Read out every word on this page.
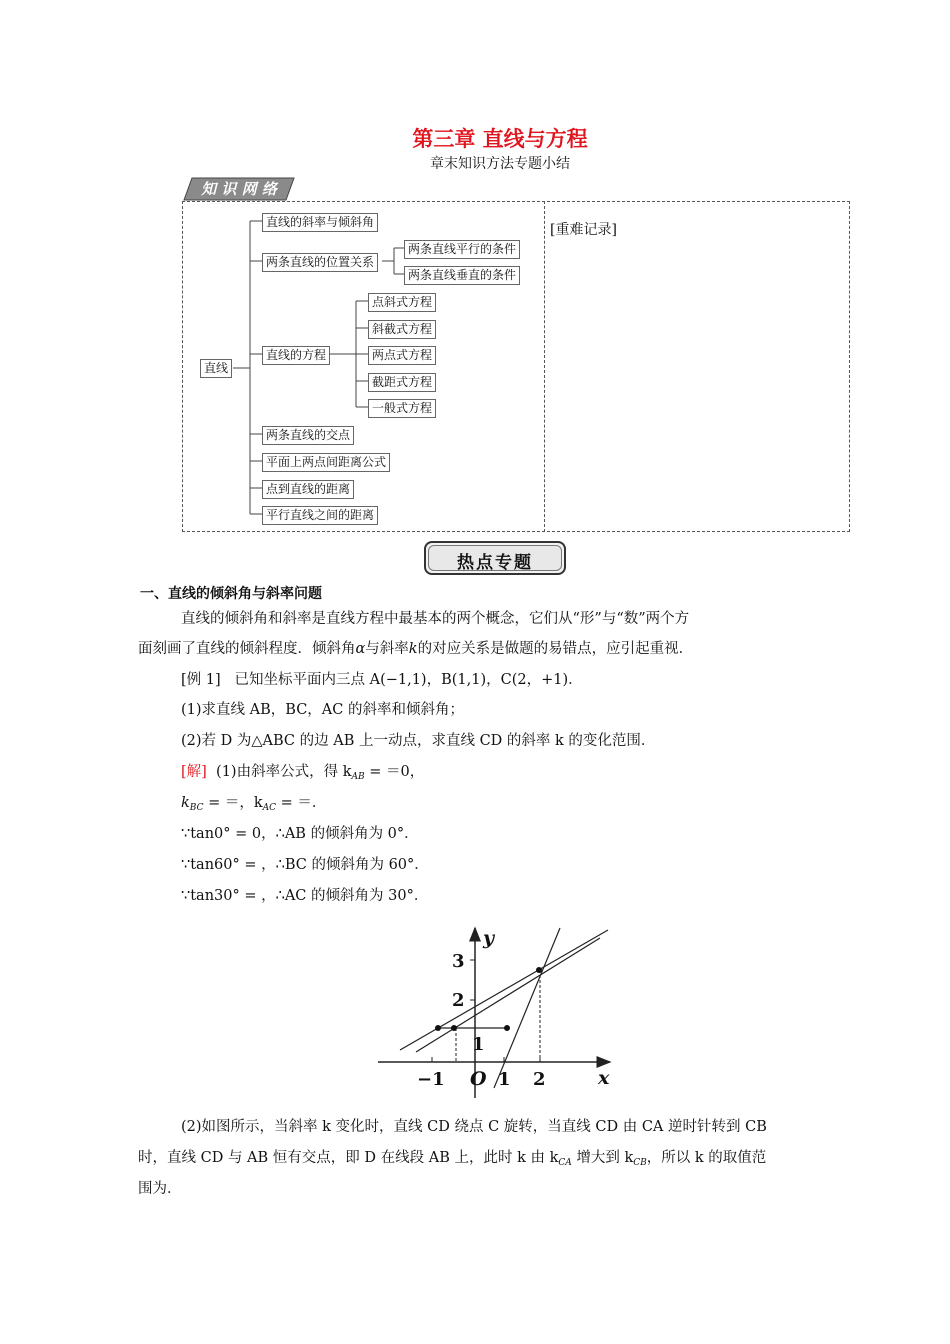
第三章 直线与方程
章末知识方法专题小结
知 识 网 络
[重难记录]
直线
直线的斜率与倾斜角
两条直线的位置关系
两条直线平行的条件
两条直线垂直的条件
直线的方程
点斜式方程
斜截式方程
两点式方程
截距式方程
一般式方程
两条直线的交点
平面上两点间距离公式
点到直线的距离
平行直线之间的距离
热点专题
一、直线的倾斜角与斜率问题
直线的倾斜角和斜率是直线方程中最基本的两个概念，它们从“形”与“数”两个方
面刻画了直线的倾斜程度．倾斜角α与斜率k的对应关系是做题的易错点，应引起重视．
[例 1] 已知坐标平面内三点 A(−1,1)，B(1,1)，C(2，+1)．
(1)求直线 AB，BC，AC 的斜率和倾斜角；
(2)若 D 为△ABC 的边 AB 上一动点，求直线 CD 的斜率 k 的变化范围．
[解] (1)由斜率公式，得 $k_{AB} = =0$，
$k_{BC}$ = ＝，$k_{AC}$ = ＝．
∵tan0° = 0，∴AB 的倾斜角为 0°．
∵tan60° = ，∴BC 的倾斜角为 60°．
∵tan30° = ，∴AC 的倾斜角为 30°．
y
x
O
−1	1 2
1
2
3
(2)如图所示，当斜率 k 变化时，直线 CD 绕点 C 旋转，当直线 CD 由 CA 逆时针转到 CB
时，直线 CD 与 AB 恒有交点，即 D 在线段 AB 上，此时 k 由 $k_{CA}$ 增大到 $k_{CB}$，所以 k 的取值范
围为．
